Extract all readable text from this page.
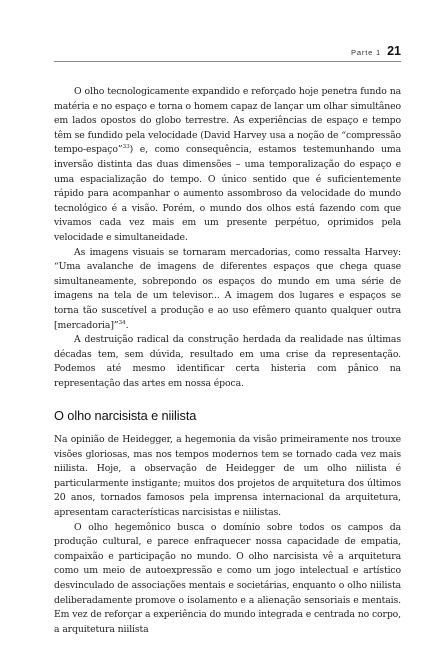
Parte 1 21

O olho tecnologicamente expandido e reforçado hoje penetra fundo na matéria e no espaço e torna o homem capaz de lançar um olhar simultâneo em lados opostos do globo terrestre. As experiências de espaço e tempo têm se fundido pela velocidade (David Harvey usa a noção de “compressão tempo-espaço”$^{33}$) e, como consequência, estamos testemunhando uma inversão distinta das duas dimensões – uma temporalização do espaço e uma espacialização do tempo. O único sentido que é suficientemente rápido para acompanhar o aumento assombroso da velocidade do mundo tecnológico é a visão. Porém, o mundo dos olhos está fazendo com que vivamos cada vez mais em um presente perpétuo, oprimidos pela velocidade e simultaneidade.

As imagens visuais se tornaram mercadorias, como ressalta Harvey: “Uma avalanche de imagens de diferentes espaços que chega quase simultaneamente, sobrepondo os espaços do mundo em uma série de imagens na tela de um televisor... A imagem dos lugares e espaços se torna tão suscetível a produção e ao uso efêmero quanto qualquer outra [mercadoria]”$^{34}$.

A destruição radical da construção herdada da realidade nas últimas décadas tem, sem dúvida, resultado em uma crise da representação. Podemos até mesmo identificar certa histeria com pânico na representação das artes em nossa época.

O olho narcisista e niilista

Na opinião de Heidegger, a hegemonia da visão primeiramente nos trouxe visões gloriosas, mas nos tempos modernos tem se tornado cada vez mais niilista. Hoje, a observação de Heidegger de um olho niilista é particularmente instigante; muitos dos projetos de arquitetura dos últimos 20 anos, tornados famosos pela imprensa internacional da arquitetura, apresentam características narcisistas e niilistas.

O olho hegemônico busca o domínio sobre todos os campos da produção cultural, e parece enfraquecer nossa capacidade de empatia, compaixão e participação no mundo. O olho narcisista vê a arquitetura como um meio de autoexpressão e como um jogo intelectual e artístico desvinculado de associações mentais e societárias, enquanto o olho niilista deliberadamente promove o isolamento e a alienação sensoriais e mentais. Em vez de reforçar a experiência do mundo integrada e centrada no corpo, a arquitetura niilista
